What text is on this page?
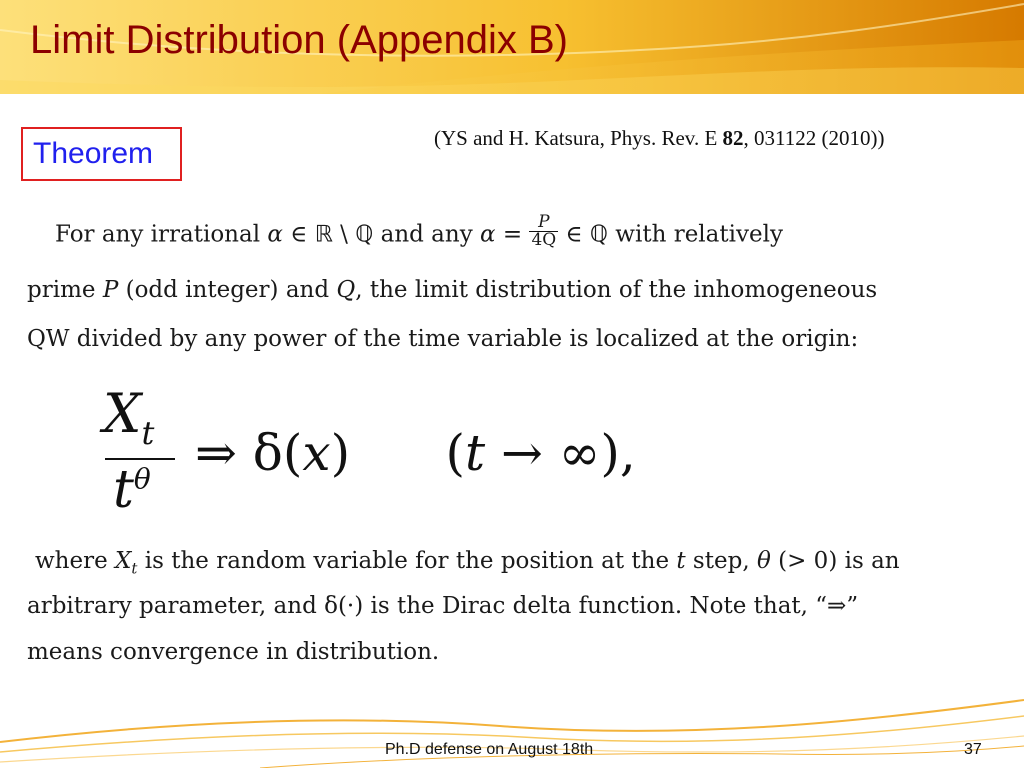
Limit Distribution (Appendix B)
Theorem	(YS and H. Katsura, Phys. Rev. E 82, 031122 (2010))
For any irrational α ∈ ℝ \ ℚ and any $\alpha = \frac{P}{4Q}$ ∈ ℚ with relatively
prime P (odd integer) and Q, the limit distribution of the inhomogeneous
QW divided by any power of the time variable is localized at the origin:
$X_t$
$t^\theta$ ⇒ δ(x)      (t → ∞),
where $X_t$ is the random variable for the position at the t step, θ (> 0) is an
arbitrary parameter, and δ(·) is the Dirac delta function. Note that, “⇒”
means convergence in distribution.
Ph.D defense on August 18th	37
